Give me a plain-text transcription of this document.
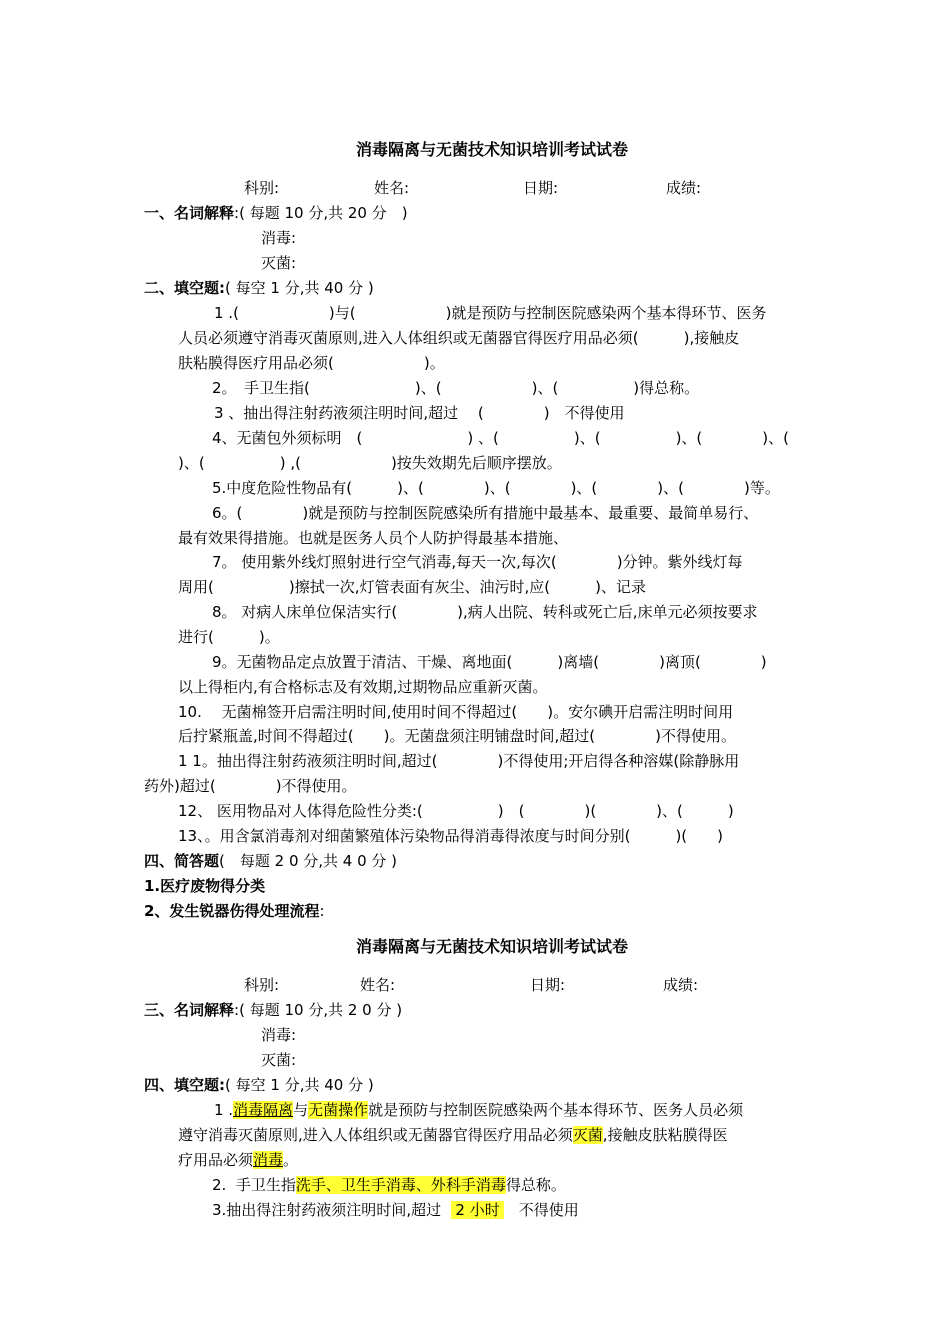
消毒隔离与无菌技术知识培训考试试卷
科别:	姓名:	日期:	成绩:
一、名词解释:( 每题 10 分,共 20 分　)
消毒:
灭菌:
二、填空题:( 每空 1 分,共 40 分 )
1 .(　　　　　　)与(　　　　　　)就是预防与控制医院感染两个基本得环节、医务
人员必须遵守消毒灭菌原则,进入人体组织或无菌器官得医疗用品必须(　　　),接触皮
肤粘膜得医疗用品必须(　　　　　　)。
2。　手卫生指(　　　　　　　)、(　　　　　　)、(　　　　　)得总称。
3 、抽出得注射药液须注明时间,超过　 (　　　　)　不得使用
4、无菌包外须标明　(　　　　　　　) 、(　　　　　)、(　　　　　)、(　　　　)、(
)、(　　　　　) ,(　　　　　　)按失效期先后顺序摆放。
5.中度危险性物品有(　　　)、(　　　　)、(　　　　)、(　　　　)、(　　　　)等。
6。(　　　　)就是预防与控制医院感染所有措施中最基本、最重要、最简单易行、
最有效果得措施。也就是医务人员个人防护得最基本措施、
7。 使用紫外线灯照射进行空气消毒,每天一次,每次(　　　　)分钟。紫外线灯每
周用(　　　　　)擦拭一次,灯管表面有灰尘、油污时,应(　　　)、记录
8。 对病人床单位保洁实行(　　　　),病人出院、转科或死亡后,床单元必须按要求
进行(　　　)。
9。无菌物品定点放置于清洁、干燥、离地面(　　　)离墙(　　　　)离顶(　　　　)
以上得柜内,有合格标志及有效期,过期物品应重新灭菌。
10.　 无菌棉签开启需注明时间,使用时间不得超过(　　)。安尔碘开启需注明时间用
后拧紧瓶盖,时间不得超过(　　)。无菌盘须注明铺盘时间,超过(　　　　)不得使用。
1 1。抽出得注射药液须注明时间,超过(　　　　)不得使用;开启得各种溶媒(除静脉用
药外)超过(　　　　)不得使用。
12、 医用物品对人体得危险性分类:(　　　　　)　(　　　　)(　　　　)、(　　　)
13、。用含氯消毒剂对细菌繁殖体污染物品得消毒得浓度与时间分别(　　　)(　　)
四、简答题(　每题 2 0 分,共 4 0 分 )
1.医疗废物得分类
2、发生锐器伤得处理流程:
消毒隔离与无菌技术知识培训考试试卷
科别:	姓名:	日期:	成绩:
三、名词解释:( 每题 10 分,共 2 0 分 )
消毒:
灭菌:
四、填空题:( 每空 1 分,共 40 分 )
1 .消毒隔离与无菌操作就是预防与控制医院感染两个基本得环节、医务人员必须
遵守消毒灭菌原则,进入人体组织或无菌器官得医疗用品必须灭菌,接触皮肤粘膜得医
疗用品必须消毒。
2.  手卫生指洗手、卫生手消毒、外科手消毒得总称。
3.抽出得注射药液须注明时间,超过   2 小时    不得使用
